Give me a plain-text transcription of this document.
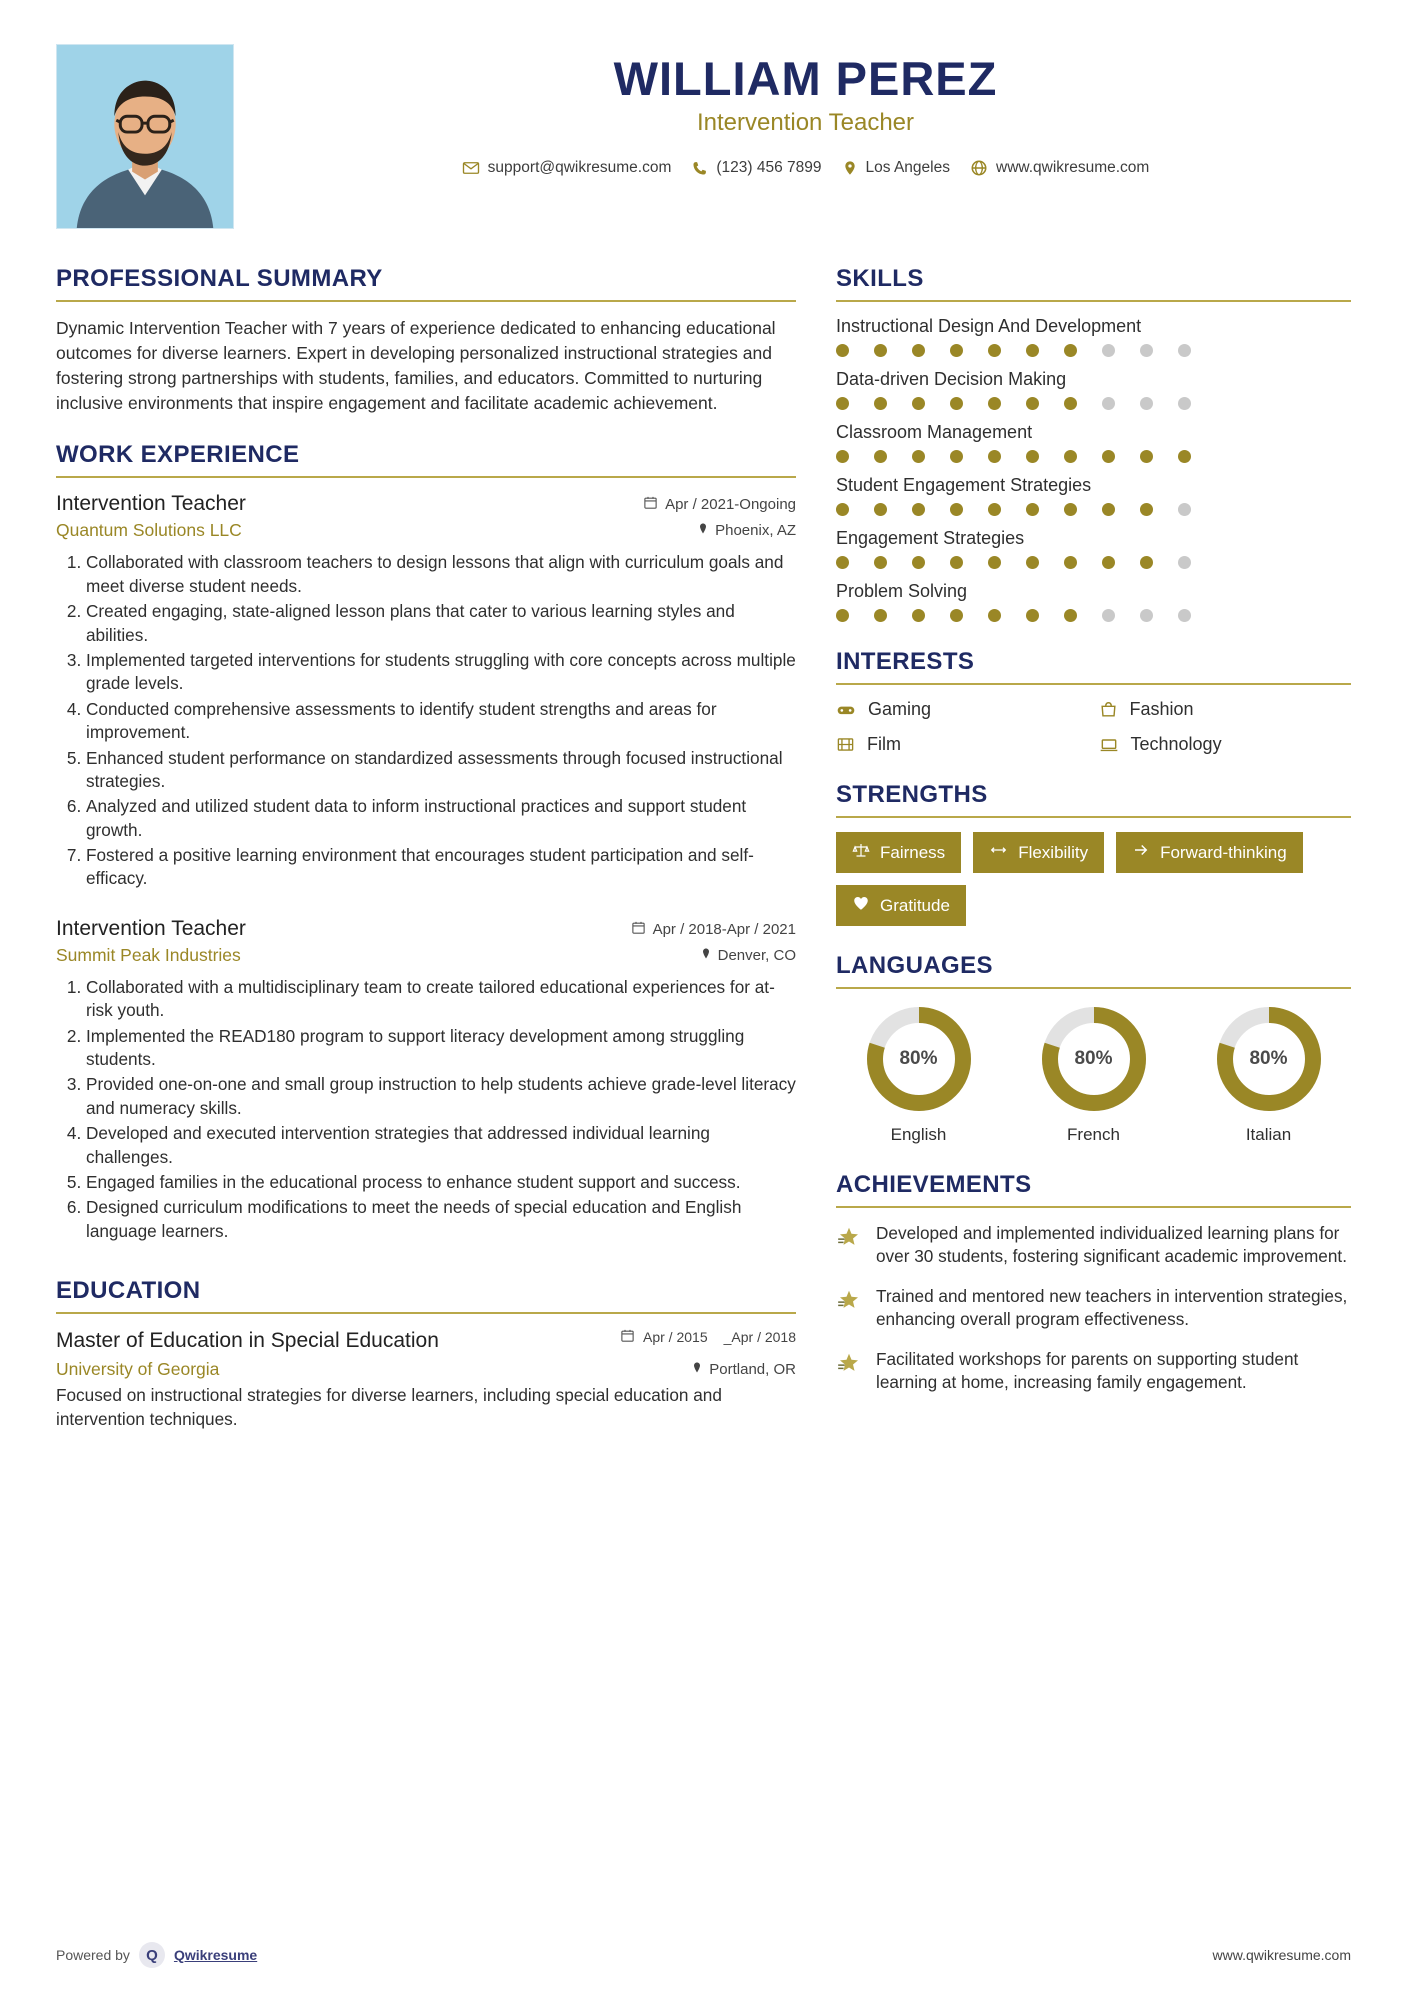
WILLIAM PEREZ
Intervention Teacher
support@qwikresume.com	(123) 456 7899	Los Angeles	www.qwikresume.com
PROFESSIONAL SUMMARY
Dynamic Intervention Teacher with 7 years of experience dedicated to enhancing educational outcomes for diverse learners. Expert in developing personalized instructional strategies and fostering strong partnerships with students, families, and educators. Committed to nurturing inclusive environments that inspire engagement and facilitate academic achievement.
WORK EXPERIENCE
Intervention Teacher	Apr / 2021-Ongoing
Quantum Solutions LLC	Phoenix, AZ
1. Collaborated with classroom teachers to design lessons that align with curriculum goals and meet diverse student needs.
2. Created engaging, state-aligned lesson plans that cater to various learning styles and abilities.
3. Implemented targeted interventions for students struggling with core concepts across multiple grade levels.
4. Conducted comprehensive assessments to identify student strengths and areas for improvement.
5. Enhanced student performance on standardized assessments through focused instructional strategies.
6. Analyzed and utilized student data to inform instructional practices and support student growth.
7. Fostered a positive learning environment that encourages student participation and self-efficacy.
Intervention Teacher	Apr / 2018-Apr / 2021
Summit Peak Industries	Denver, CO
1. Collaborated with a multidisciplinary team to create tailored educational experiences for at-risk youth.
2. Implemented the READ180 program to support literacy development among struggling students.
3. Provided one-on-one and small group instruction to help students achieve grade-level literacy and numeracy skills.
4. Developed and executed intervention strategies that addressed individual learning challenges.
5. Engaged families in the educational process to enhance student support and success.
6. Designed curriculum modifications to meet the needs of special education and English language learners.
EDUCATION
Master of Education in Special Education	Apr / 2015 _Apr / 2018
University of Georgia	Portland, OR
Focused on instructional strategies for diverse learners, including special education and intervention techniques.
SKILLS
Instructional Design And Development
Data-driven Decision Making
Classroom Management
Student Engagement Strategies
Engagement Strategies
Problem Solving
INTERESTS
Gaming	Fashion
Film	Technology
STRENGTHS
Fairness	Flexibility	Forward-thinking
Gratitude
LANGUAGES
80%
English
80%
French
80%
Italian
ACHIEVEMENTS
Developed and implemented individualized learning plans for over 30 students, fostering significant academic improvement.
Trained and mentored new teachers in intervention strategies, enhancing overall program effectiveness.
Facilitated workshops for parents on supporting student learning at home, increasing family engagement.
Powered by	Q	Qwikresume	www.qwikresume.com
